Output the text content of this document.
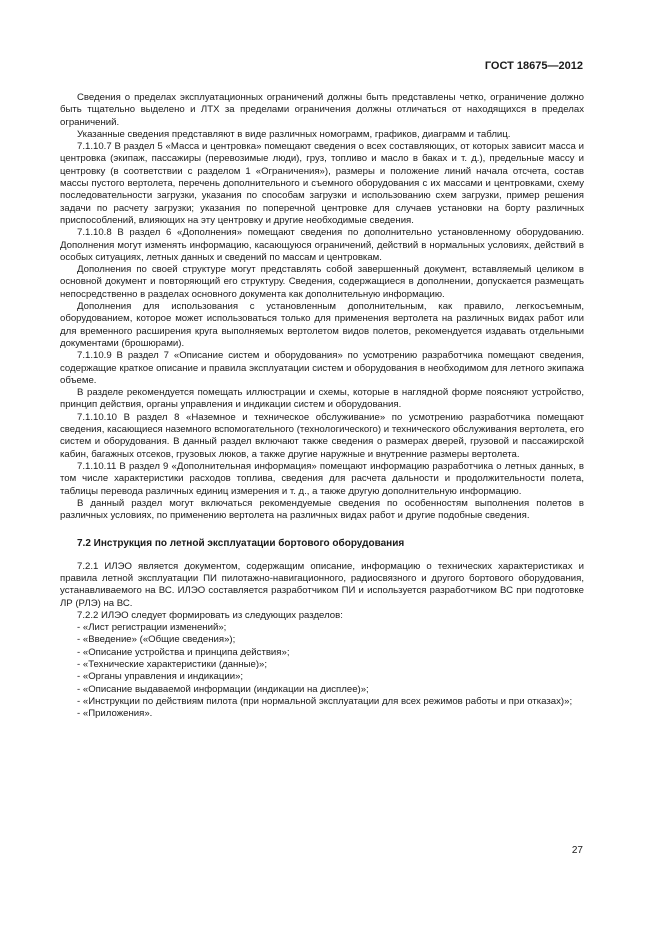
ГОСТ 18675—2012

Сведения о пределах эксплуатационных ограничений должны быть представлены четко, ограничение должно быть тщательно выделено и ЛТХ за пределами ограничения должны отличаться от находящихся в пределах ограничений.

Указанные сведения представляют в виде различных номограмм, графиков, диаграмм и таблиц.

7.1.10.7 В раздел 5 «Масса и центровка» помещают сведения о всех составляющих, от которых зависит масса и центровка (экипаж, пассажиры (перевозимые люди), груз, топливо и масло в баках и т. д.), предельные массу и центровку (в соответствии с разделом 1 «Ограничения»), размеры и положение линий начала отсчета, состав массы пустого вертолета, перечень дополнительного и съемного оборудования с их массами и центровками, схему последовательности загрузки, указания по способам загрузки и использованию схем загрузки, пример решения задачи по расчету загрузки; указания по поперечной центровке для случаев установки на борту различных приспособлений, влияющих на эту центровку и другие необходимые сведения.

7.1.10.8 В раздел 6 «Дополнения» помещают сведения по дополнительно установленному оборудованию. Дополнения могут изменять информацию, касающуюся ограничений, действий в нормальных условиях, действий в особых ситуациях, летных данных и сведений по массам и центровкам.

Дополнения по своей структуре могут представлять собой завершенный документ, вставляемый целиком в основной документ и повторяющий его структуру. Сведения, содержащиеся в дополнении, допускается размещать непосредственно в разделах основного документа как дополнительную информацию.

Дополнения для использования с установленным дополнительным, как правило, легкосъемным, оборудованием, которое может использоваться только для применения вертолета на различных видах работ или для временного расширения круга выполняемых вертолетом видов полетов, рекомендуется издавать отдельными документами (брошюрами).

7.1.10.9 В раздел 7 «Описание систем и оборудования» по усмотрению разработчика помещают сведения, содержащие краткое описание и правила эксплуатации систем и оборудования в необходимом для летного экипажа объеме.

В разделе рекомендуется помещать иллюстрации и схемы, которые в наглядной форме поясняют устройство, принцип действия, органы управления и индикации систем и оборудования.

7.1.10.10 В раздел 8 «Наземное и техническое обслуживание» по усмотрению разработчика помещают сведения, касающиеся наземного вспомогательного (технологического) и технического обслуживания вертолета, его систем и оборудования. В данный раздел включают также сведения о размерах дверей, грузовой и пассажирской кабин, багажных отсеков, грузовых люков, а также другие наружные и внутренние размеры вертолета.

7.1.10.11 В раздел 9 «Дополнительная информация» помещают информацию разработчика о летных данных, в том числе характеристики расходов топлива, сведения для расчета дальности и продолжительности полета, таблицы перевода различных единиц измерения и т. д., а также другую дополнительную информацию.

В данный раздел могут включаться рекомендуемые сведения по особенностям выполнения полетов в различных условиях, по применению вертолета на различных видах работ и другие подобные сведения.

7.2 Инструкция по летной эксплуатации бортового оборудования

7.2.1 ИЛЭО является документом, содержащим описание, информацию о технических характеристиках и правила летной эксплуатации ПИ пилотажно-навигационного, радиосвязного и другого бортового оборудования, устанавливаемого на ВС. ИЛЭО составляется разработчиком ПИ и используется разработчиком ВС при подготовке ЛР (РЛЭ) на ВС.

7.2.2 ИЛЭО следует формировать из следующих разделов:

- «Лист регистрации изменений»;

- «Введение» («Общие сведения»);

- «Описание устройства и принципа действия»;

- «Технические характеристики (данные)»;

- «Органы управления и индикации»;

- «Описание выдаваемой информации (индикации на дисплее)»;

- «Инструкции по действиям пилота (при нормальной эксплуатации для всех режимов работы и при отказах)»;

- «Приложения».

27
